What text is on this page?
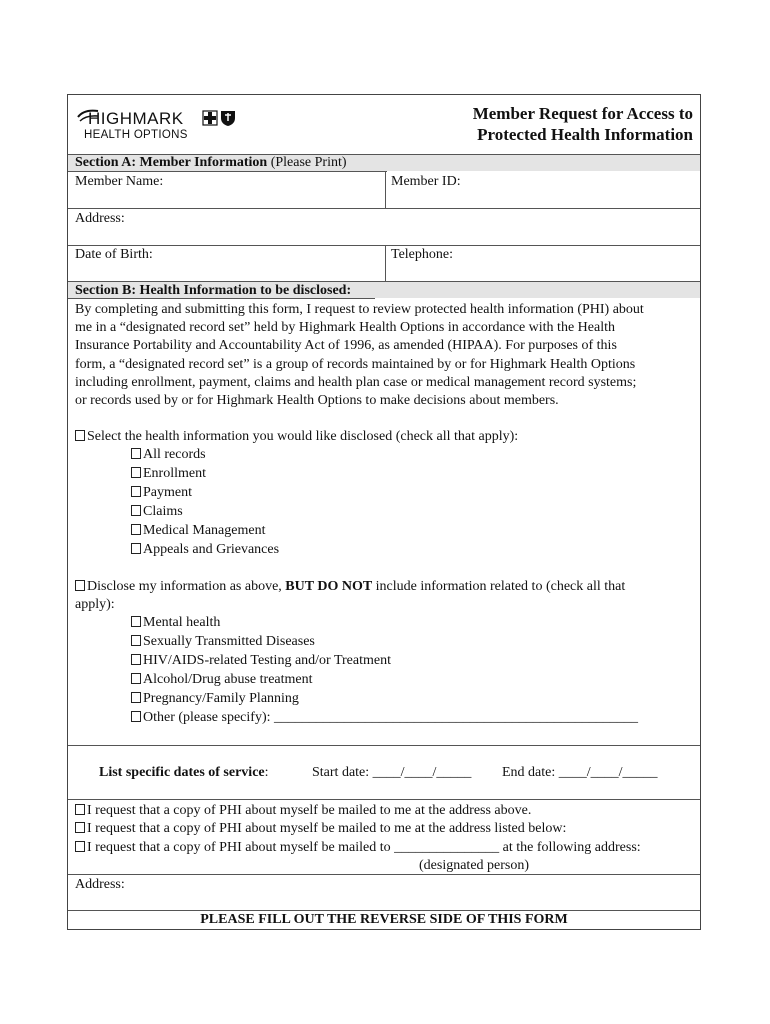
HIGHMARK
HEALTH OPTIONS
Member Request for Access to
Protected Health Information
Section A: Member Information (Please Print)
Member Name:	Member ID:
Address:
Date of Birth:	Telephone:
Section B: Health Information to be disclosed:
By completing and submitting this form, I request to review protected health information (PHI) about
me in a “designated record set” held by Highmark Health Options in accordance with the Health
Insurance Portability and Accountability Act of 1996, as amended (HIPAA). For purposes of this
form, a “designated record set” is a group of records maintained by or for Highmark Health Options
including enrollment, payment, claims and health plan case or medical management record systems;
or records used by or for Highmark Health Options to make decisions about members.
Select the health information you would like disclosed (check all that apply):
All records
Enrollment
Payment
Claims
Medical Management
Appeals and Grievances
Disclose my information as above, BUT DO NOT include information related to (check all that
apply):
Mental health
Sexually Transmitted Diseases
HIV/AIDS-related Testing and/or Treatment
Alcohol/Drug abuse treatment
Pregnancy/Family Planning
Other (please specify): ____________________________________________________
List specific dates of service:	Start date: ____/____/_____ End date: ____/____/_____
I request that a copy of PHI about myself be mailed to me at the address above.
I request that a copy of PHI about myself be mailed to me at the address listed below:
I request that a copy of PHI about myself be mailed to _______________ at the following address:
(designated person)
Address:
PLEASE FILL OUT THE REVERSE SIDE OF THIS FORM
